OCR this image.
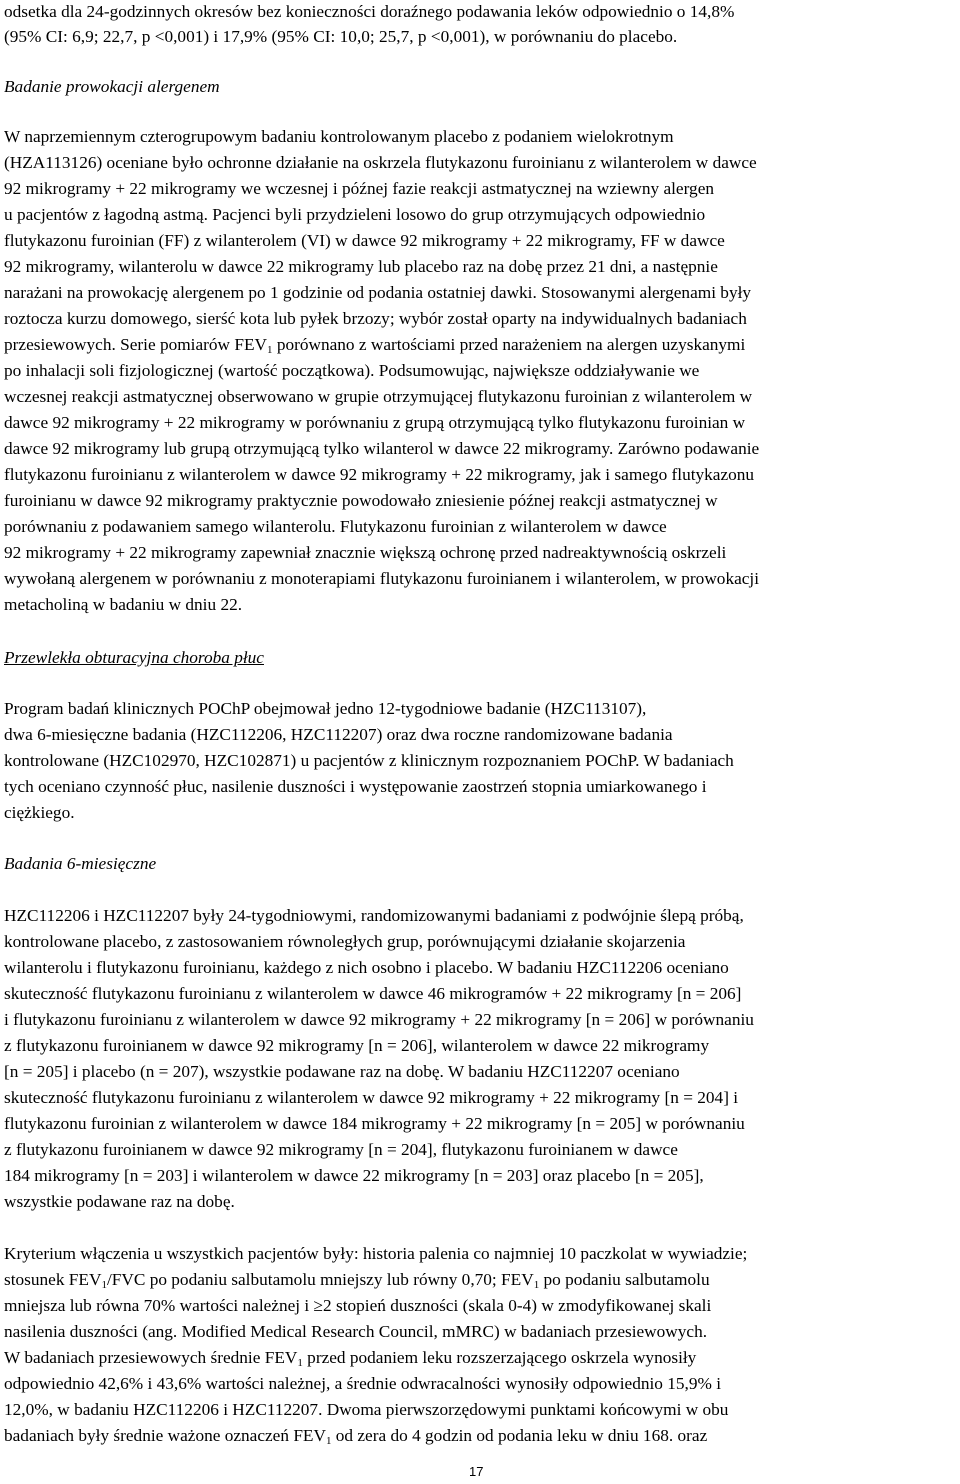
odsetka dla 24-godzinnych okresów bez konieczności doraźnego podawania leków odpowiednio o 14,8%
(95% CI: 6,9; 22,7, p <0,001) i 17,9% (95% CI: 10,0; 25,7, p <0,001), w porównaniu do placebo.
Badanie prowokacji alergenem
W naprzemiennym czterogrupowym badaniu kontrolowanym placebo z podaniem wielokrotnym
(HZA113126) oceniane było ochronne działanie na oskrzela flutykazonu furoinianu z wilanterolem w dawce
92 mikrogramy + 22 mikrogramy we wczesnej i późnej fazie reakcji astmatycznej na wziewny alergen
u pacjentów z łagodną astmą. Pacjenci byli przydzieleni losowo do grup otrzymujących odpowiednio
flutykazonu furoinian (FF) z wilanterolem (VI) w dawce 92 mikrogramy + 22 mikrogramy, FF w dawce
92 mikrogramy, wilanterolu w dawce 22 mikrogramy lub placebo raz na dobę przez 21 dni, a następnie
narażani na prowokację alergenem po 1 godzinie od podania ostatniej dawki. Stosowanymi alergenami były
roztocza kurzu domowego, sierść kota lub pyłek brzozy; wybór został oparty na indywidualnych badaniach
przesiewowych. Serie pomiarów FEV1 porównano z wartościami przed narażeniem na alergen uzyskanymi
po inhalacji soli fizjologicznej (wartość początkowa). Podsumowując, największe oddziaływanie we
wczesnej reakcji astmatycznej obserwowano w grupie otrzymującej flutykazonu furoinian z wilanterolem w
dawce 92 mikrogramy + 22 mikrogramy w porównaniu z grupą otrzymującą tylko flutykazonu furoinian w
dawce 92 mikrogramy lub grupą otrzymującą tylko wilanterol w dawce 22 mikrogramy. Zarówno podawanie
flutykazonu furoinianu z wilanterolem w dawce 92 mikrogramy + 22 mikrogramy, jak i samego flutykazonu
furoinianu w dawce 92 mikrogramy praktycznie powodowało zniesienie późnej reakcji astmatycznej w
porównaniu z podawaniem samego wilanterolu. Flutykazonu furoinian z wilanterolem w dawce
92 mikrogramy + 22 mikrogramy zapewniał znacznie większą ochronę przed nadreaktywnością oskrzeli
wywołaną alergenem w porównaniu z monoterapiami flutykazonu furoinianem i wilanterolem, w prowokacji
metacholiną w badaniu w dniu 22.
Przewlekła obturacyjna choroba płuc
Program badań klinicznych POChP obejmował jedno 12-tygodniowe badanie (HZC113107),
dwa 6-miesięczne badania (HZC112206, HZC112207) oraz dwa roczne randomizowane badania
kontrolowane (HZC102970, HZC102871) u pacjentów z klinicznym rozpoznaniem POChP. W badaniach
tych oceniano czynność płuc, nasilenie duszności i występowanie zaostrzeń stopnia umiarkowanego i
ciężkiego.
Badania 6-miesięczne
HZC112206 i HZC112207 były 24-tygodniowymi, randomizowanymi badaniami z podwójnie ślepą próbą,
kontrolowane placebo, z zastosowaniem równoległych grup, porównującymi działanie skojarzenia
wilanterolu i flutykazonu furoinianu, każdego z nich osobno i placebo. W badaniu HZC112206 oceniano
skuteczność flutykazonu furoinianu z wilanterolem w dawce 46 mikrogramów + 22 mikrogramy [n = 206]
i flutykazonu furoinianu z wilanterolem w dawce 92 mikrogramy + 22 mikrogramy [n = 206] w porównaniu
z flutykazonu furoinianem w dawce 92 mikrogramy [n = 206], wilanterolem w dawce 22 mikrogramy
[n = 205] i placebo (n = 207), wszystkie podawane raz na dobę. W badaniu HZC112207 oceniano
skuteczność flutykazonu furoinianu z wilanterolem w dawce 92 mikrogramy + 22 mikrogramy [n = 204] i
flutykazonu furoinian z wilanterolem w dawce 184 mikrogramy + 22 mikrogramy [n = 205] w porównaniu
z flutykazonu furoinianem w dawce 92 mikrogramy [n = 204], flutykazonu furoinianem w dawce
184 mikrogramy [n = 203] i wilanterolem w dawce 22 mikrogramy [n = 203] oraz placebo [n = 205],
wszystkie podawane raz na dobę.
Kryterium włączenia u wszystkich pacjentów były: historia palenia co najmniej 10 paczkolat w wywiadzie;
stosunek FEV1/FVC po podaniu salbutamolu mniejszy lub równy 0,70; FEV1 po podaniu salbutamolu
mniejsza lub równa 70% wartości należnej i ≥2 stopień duszności (skala 0-4) w zmodyfikowanej skali
nasilenia duszności (ang. Modified Medical Research Council, mMRC) w badaniach przesiewowych.
W badaniach przesiewowych średnie FEV1 przed podaniem leku rozszerzającego oskrzela wynosiły
odpowiednio 42,6% i 43,6% wartości należnej, a średnie odwracalności wynosiły odpowiednio 15,9% i
12,0%, w badaniu HZC112206 i HZC112207. Dwoma pierwszorzędowymi punktami końcowymi w obu
badaniach były średnie ważone oznaczeń FEV1 od zera do 4 godzin od podania leku w dniu 168. oraz
17
